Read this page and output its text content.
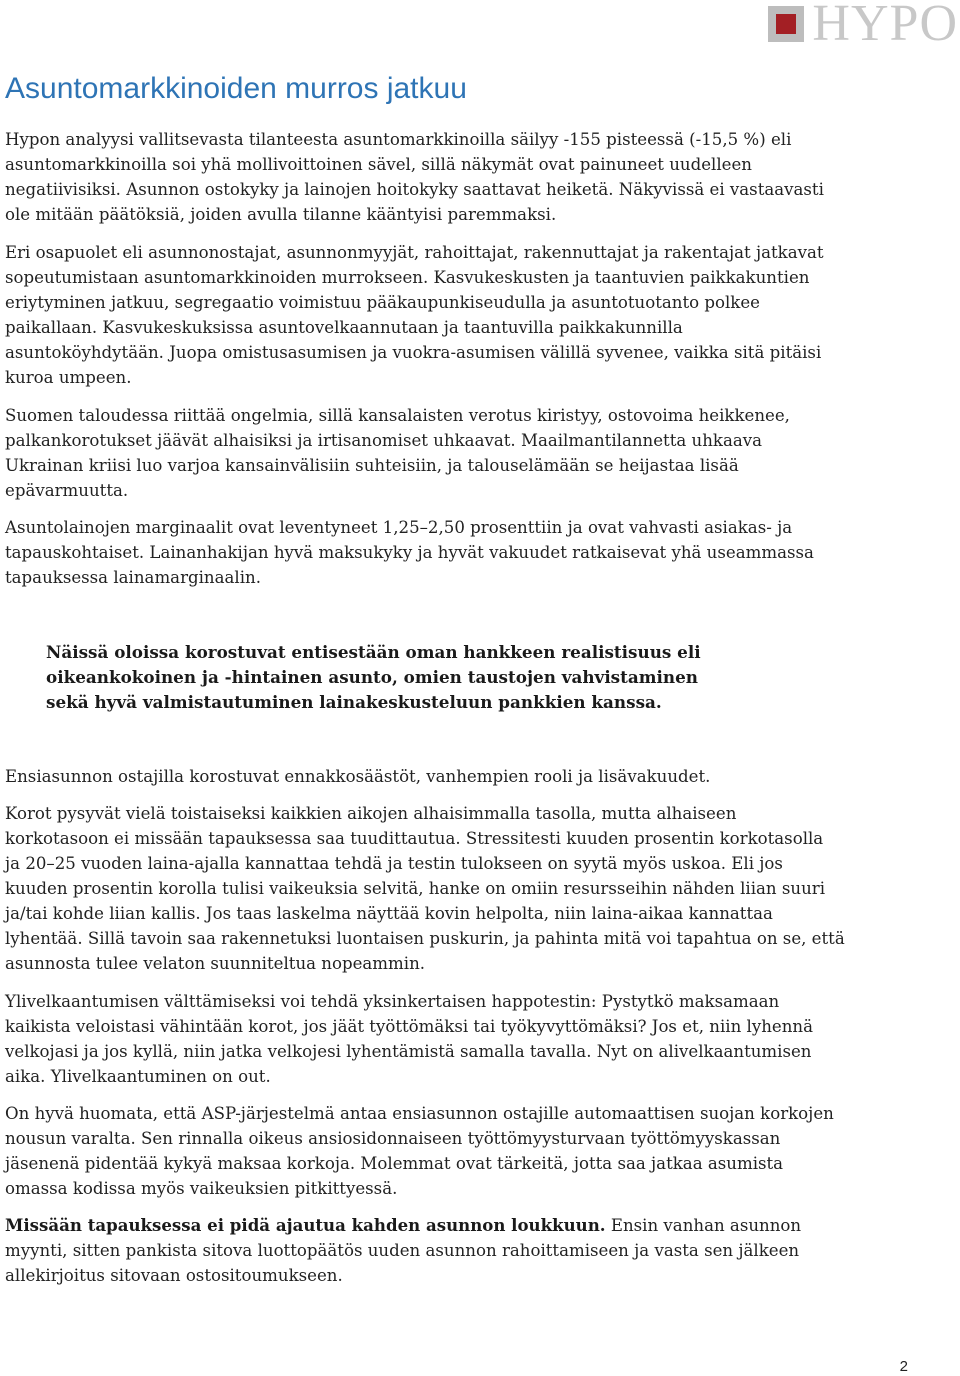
HYPO
Asuntomarkkinoiden murros jatkuu

Hypon analyysi vallitsevasta tilanteesta asuntomarkkinoilla säilyy -155 pisteessä (-15,5 %) eli
asuntomarkkinoilla soi yhä mollivoittoinen sävel, sillä näkymät ovat painuneet uudelleen
negatiivisiksi. Asunnon ostokyky ja lainojen hoitokyky saattavat heiketä. Näkyvissä ei vastaavasti
ole mitään päätöksiä, joiden avulla tilanne kääntyisi paremmaksi.

Eri osapuolet eli asunnonostajat, asunnonmyyjät, rahoittajat, rakennuttajat ja rakentajat jatkavat
sopeutumistaan asuntomarkkinoiden murrokseen. Kasvukeskusten ja taantuvien paikkakuntien
eriytyminen jatkuu, segregaatio voimistuu pääkaupunkiseudulla ja asuntotuotanto polkee
paikallaan. Kasvukeskuksissa asuntovelkaannutaan ja taantuvilla paikkakunnilla
asuntoköyhdytään. Juopa omistusasumisen ja vuokra-asumisen välillä syvenee, vaikka sitä pitäisi
kuroa umpeen.

Suomen taloudessa riittää ongelmia, sillä kansalaisten verotus kiristyy, ostovoima heikkenee,
palkankorotukset jäävät alhaisiksi ja irtisanomiset uhkaavat. Maailmantilannetta uhkaava
Ukrainan kriisi luo varjoa kansainvälisiin suhteisiin, ja talouselämään se heijastaa lisää
epävarmuutta.

Asuntolainojen marginaalit ovat leventyneet 1,25–2,50 prosenttiin ja ovat vahvasti asiakas- ja
tapauskohtaiset. Lainanhakijan hyvä maksukyky ja hyvät vakuudet ratkaisevat yhä useammassa
tapauksessa lainamarginaalin.

Näissä oloissa korostuvat entisestään oman hankkeen realistisuus eli
oikeankokoinen ja -hintainen asunto, omien taustojen vahvistaminen
sekä hyvä valmistautuminen lainakeskusteluun pankkien kanssa.

Ensiasunnon ostajilla korostuvat ennakkosäästöt, vanhempien rooli ja lisävakuudet.

Korot pysyvät vielä toistaiseksi kaikkien aikojen alhaisimmalla tasolla, mutta alhaiseen
korkotasoon ei missään tapauksessa saa tuudittautua. Stressitesti kuuden prosentin korkotasolla
ja 20–25 vuoden laina-ajalla kannattaa tehdä ja testin tulokseen on syytä myös uskoa. Eli jos
kuuden prosentin korolla tulisi vaikeuksia selvitä, hanke on omiin resursseihin nähden liian suuri
ja/tai kohde liian kallis. Jos taas laskelma näyttää kovin helpolta, niin laina-aikaa kannattaa
lyhentää. Sillä tavoin saa rakennetuksi luontaisen puskurin, ja pahinta mitä voi tapahtua on se, että
asunnosta tulee velaton suunniteltua nopeammin.

Ylivelkaantumisen välttämiseksi voi tehdä yksinkertaisen happotestin: Pystytkö maksamaan
kaikista veloistasi vähintään korot, jos jäät työttömäksi tai työkyvyttömäksi? Jos et, niin lyhennä
velkojasi ja jos kyllä, niin jatka velkojesi lyhentämistä samalla tavalla. Nyt on alivelkaantumisen
aika. Ylivelkaantuminen on out.

On hyvä huomata, että ASP-järjestelmä antaa ensiasunnon ostajille automaattisen suojan korkojen
nousun varalta. Sen rinnalla oikeus ansiosidonnaiseen työttömyysturvaan työttömyyskassan
jäsenenä pidentää kykyä maksaa korkoja. Molemmat ovat tärkeitä, jotta saa jatkaa asumista
omassa kodissa myös vaikeuksien pitkittyessä.

Missään tapauksessa ei pidä ajautua kahden asunnon loukkuun. Ensin vanhan asunnon
myynti, sitten pankista sitova luottopäätös uuden asunnon rahoittamiseen ja vasta sen jälkeen
allekirjoitus sitovaan ostositoumukseen.

2
